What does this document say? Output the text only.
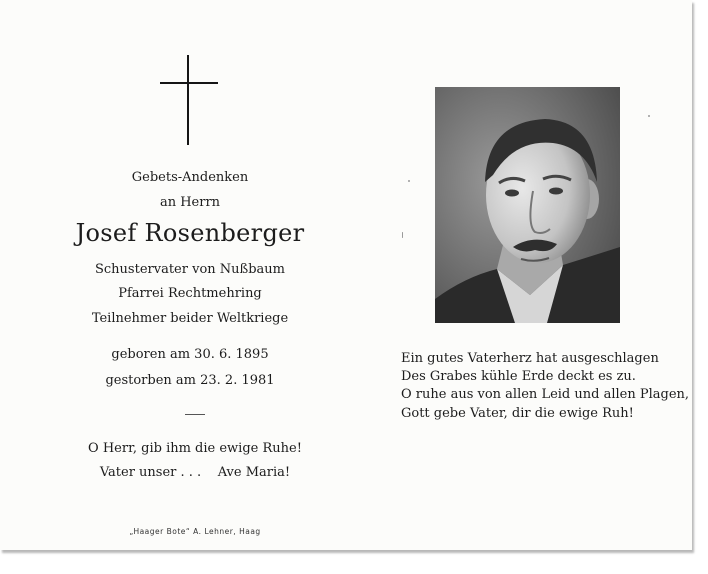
Gebets-Andenken
an Herrn
Josef Rosenberger
Schustervater von Nußbaum
Pfarrei Rechtmehring
Teilnehmer beider Weltkriege
geboren am 30. 6. 1895
gestorben am 23. 2. 1981
O Herr, gib ihm die ewige Ruhe!
Vater unser . . .    Ave Maria!
„Haager Bote“ A. Lehner, Haag
Ein gutes Vaterherz hat ausgeschlagen
Des Grabes kühle Erde deckt es zu.
O ruhe aus von allen Leid und allen Plagen,
Gott gebe Vater, dir die ewige Ruh!
